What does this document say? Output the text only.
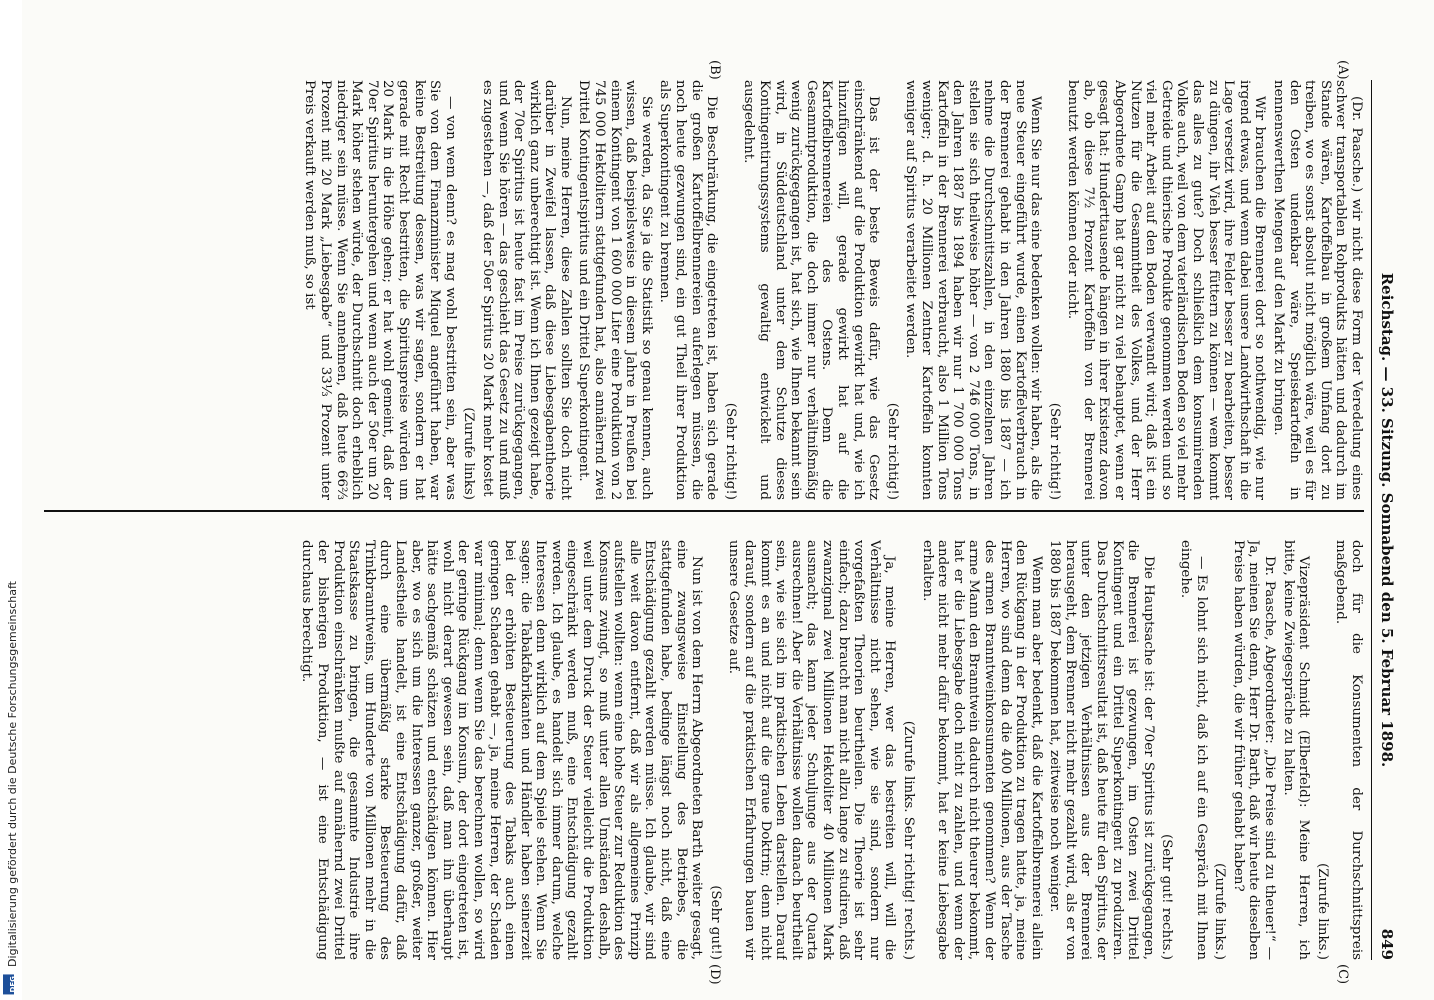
DFG Digitalisierung gefördert durch die Deutsche Forschungsgemeinschaft
Reichstag. — 33. Sitzung. Sonnabend den 5. Februar 1898.
849
(A)
(B)
(C)
(D)

(Dr. Paasche.) wir nicht diese Form der Veredelung eines schwer transportablen Rohprodukts hätten und dadurch im Stande wären, Kartoffelbau in großem Umfang dort zu treiben, wo es sonst absolut nicht möglich wäre, weil es für den Osten undenkbar wäre, Speisekartoffeln in nennenswerthen Mengen auf den Markt zu bringen.

Wir brauchen die Brennerei dort so nothwendig, wie nur irgend etwas, und wenn dabei unsere Landwirthschaft in die Lage versetzt wird, ihre Felder besser zu bearbeiten, besser zu düngen, ihr Vieh besser füttern zu können — wem kommt das alles zu gute? Doch schließlich dem konsumirenden Volke auch, weil von dem vaterländischen Boden so viel mehr Getreide und thierische Produkte genommen werden und so viel mehr Arbeit auf den Boden verwandt wird; daß ist ein Nutzen für die Gesammtheit des Volkes, und der Herr Abgeordnete Gamp hat gar nicht zu viel behauptet, wenn er gesagt hat: Hunderttausende hängen in ihrer Existenz davon ab, ob diese 7½ Prozent Kartoffeln von der Brennerei benutzt werden können oder nicht.

(Sehr richtig!)

Wenn Sie nur das eine bedenken wollen: wir haben, als die neue Steuer eingeführt wurde, einen Kartoffelverbrauch in der Brennerei gehabt in den Jahren 1880 bis 1887 — ich nehme die Durchschnittszahlen, in den einzelnen Jahren stellen sie sich theilweise höher — von 2 746 000 Tons, in den Jahren 1887 bis 1894 haben wir nur 1 700 000 Tons Kartoffeln in der Brennerei verbraucht, also 1 Million Tons weniger; d. h. 20 Millionen Zentner Kartoffeln konnten weniger auf Spiritus verarbeitet werden.

(Sehr richtig!)

Das ist der beste Beweis dafür, wie das Gesetz einschränkend auf die Produktion gewirkt hat und, wie ich hinzufügen will, gerade gewirkt hat auf die Kartoffelbrennereien des Ostens. Denn die Gesammtproduktion, die doch immer nur verhältnißmäßig wenig zurückgegangen ist, hat sich, wie Ihnen bekannt sein wird, in Süddeutschland unter dem Schutze dieses Kontingentirungssystems gewaltig entwickelt und ausgedehnt.

(Sehr richtig!)

Die Beschränkung, die eingetreten ist, haben sich gerade die großen Kartoffelbrennereien auferlegen müssen, die noch heute gezwungen sind, ein gut Theil ihrer Produktion als Superkontingent zu brennen.

Sie werden, da Sie ja die Statistik so genau kennen, auch wissen, daß beispielsweise in diesem Jahre in Preußen bei einem Kontingent von 1 600 000 Liter eine Produktion von 2 745 000 Hektolitern stattgefunden hat, also annähernd zwei Drittel Kontingentspiritus und ein Drittel Superkontingent.

Nun, meine Herren, diese Zahlen sollten Sie doch nicht darüber in Zweifel lassen, daß diese Liebesgabentheorie wirklich ganz unberechtigt ist. Wenn ich Ihnen gezeigt habe, der 70er Spiritus ist heute fast im Preise zurückgegangen, und wenn Sie hören — das geschieht das Gesetz zu und muß es zugestehen —, daß der 50er Spiritus 20 Mark mehr kostet

(Zurufe links)

— von wem denn? es mag wohl bestritten sein, aber was Sie von dem Finanzminister Miquel angeführt haben, war keine Bestreitung dessen, was wir sagen, sondern er hat gerade mit Recht bestritten, die Spirituspreise würden um 20 Mark in die Höhe gehen; er hat wohl gemeint, daß der 70er Spiritus heruntergehen und wenn auch der 50er um 20 Mark höher stehen würde, der Durchschnitt doch erheblich niedriger sein müsse. Wenn Sie annehmen, daß heute 66⅔ Prozent mit 20 Mark „Liebesgabe“ und 33⅓ Prozent unter Preis verkauft werden muß, so ist

doch für die Konsumenten der Durchschnittspreis maßgebend.

(Zurufe links.)

Vizepräsident Schmidt (Elberfeld): Meine Herren, ich bitte, keine Zwiegespräche zu halten.

Dr. Paasche, Abgeordneter: „Die Preise sind zu theuer!“ — Ja, meinen Sie denn, Herr Dr. Barth, daß wir heute dieselben Preise haben würden, die wir früher gehabt haben?

(Zurufe links.)

— Es lohnt sich nicht, daß ich auf ein Gespräch mit Ihnen eingehe.

(Sehr gut! rechts.)

Die Hauptsache ist: der 70er Spiritus ist zurückgegangen, die Brennerei ist gezwungen, im Osten zwei Drittel Kontingent und ein Drittel Superkontingent zu produziren. Das Durchschnittsresultat ist, daß heute für den Spiritus, der unter den jetzigen Verhältnissen aus der Brennerei herausgeht, dem Brenner nicht mehr gezahlt wird, als er von 1880 bis 1887 bekommen hat, zeitweise noch weniger.

Wenn man aber bedenkt, daß die Kartoffelbrennerei allein den Rückgang in der Produktion zu tragen hatte, ja, meine Herren, wo sind denn da die 400 Millionen, aus der Tasche des armen Branntweinkonsumenten genommen? Wenn der arme Mann den Branntwein dadurch nicht theurer bekommt, hat er die Liebesgabe doch nicht zu zahlen, und wenn der andere nicht mehr dafür bekommt, hat er keine Liebesgabe erhalten.

(Zurufe links. Sehr richtig! rechts.)

Ja, meine Herren, wer das bestreiten will, will die Verhältnisse nicht sehen, wie sie sind, sondern nur vorgefaßten Theorien beurtheilen. Die Theorie ist sehr einfach; dazu braucht man nicht allzu lange zu studiren, daß zwanzigmal zwei Millionen Hektoliter 40 Millionen Mark ausmacht; das kann jeder Schuljunge aus der Quarta ausrechnen! Aber die Verhältnisse wollen danach beurtheilt sein, wie sie sich im praktischen Leben darstellen. Darauf kommt es an und nicht auf die graue Doktrin; denn nicht darauf, sondern auf die praktischen Erfahrungen bauen wir unsere Gesetze auf.

(Sehr gut!)

Nun ist von dem Herrn Abgeordneten Barth weiter gesagt, eine zwangsweise Einstellung des Betriebes, die stattgefunden habe, bedinge längst noch nicht, daß eine Entschädigung gezahlt werden müsse. Ich glaube, wir sind alle weit davon entfernt, daß wir als allgemeines Prinzip aufstellen wollten: wenn eine hohe Steuer zur Reduktion des Konsums zwingt, so muß unter allen Umständen deshalb, weil unter dem Druck der Steuer vielleicht die Produktion eingeschränkt werden muß, eine Entschädigung gezahlt werden. Ich glaube, es handelt sich immer darum, welche Interessen denn wirklich auf dem Spiele stehen. Wenn Sie sagen: die Tabakfabrikanten und Händler haben seinerzeit bei der erhöhten Besteuerung des Tabaks auch einen geringen Schaden gehabt —, ja, meine Herren, der Schaden war minimal; denn wenn Sie das berechnen wollen, so wird der geringe Rückgang im Konsum, der dort eingetreten ist, wohl nicht derart gewesen sein, daß man ihn überhaupt hätte sachgemäß schätzen und entschädigen können. Hier aber, wo es sich um die Interessen ganzer, großer, weiter Landestheile handelt, ist eine Entschädigung dafür, daß durch eine übermäßig starke Besteuerung des Trinkbranntweins, um Hunderte von Millionen mehr in die Staatskasse zu bringen, die gesammte Industrie ihre Produktion einschränken mußte auf annähernd zwei Drittel der bisherigen Produktion, — ist eine Entschädigung durchaus berechtigt.
